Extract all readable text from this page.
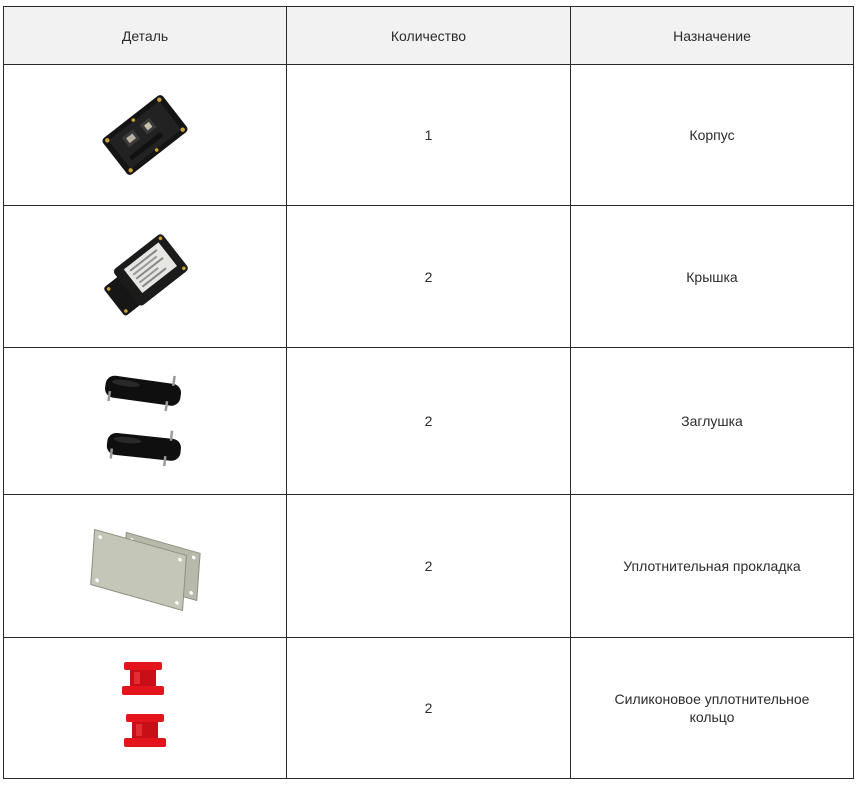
Деталь	Количество	Назначение

	1	Корпус

	2	Крышка

	2	Заглушка

	2	Уплотнительная прокладка

	2	Силиконовое уплотнительное кольцо
